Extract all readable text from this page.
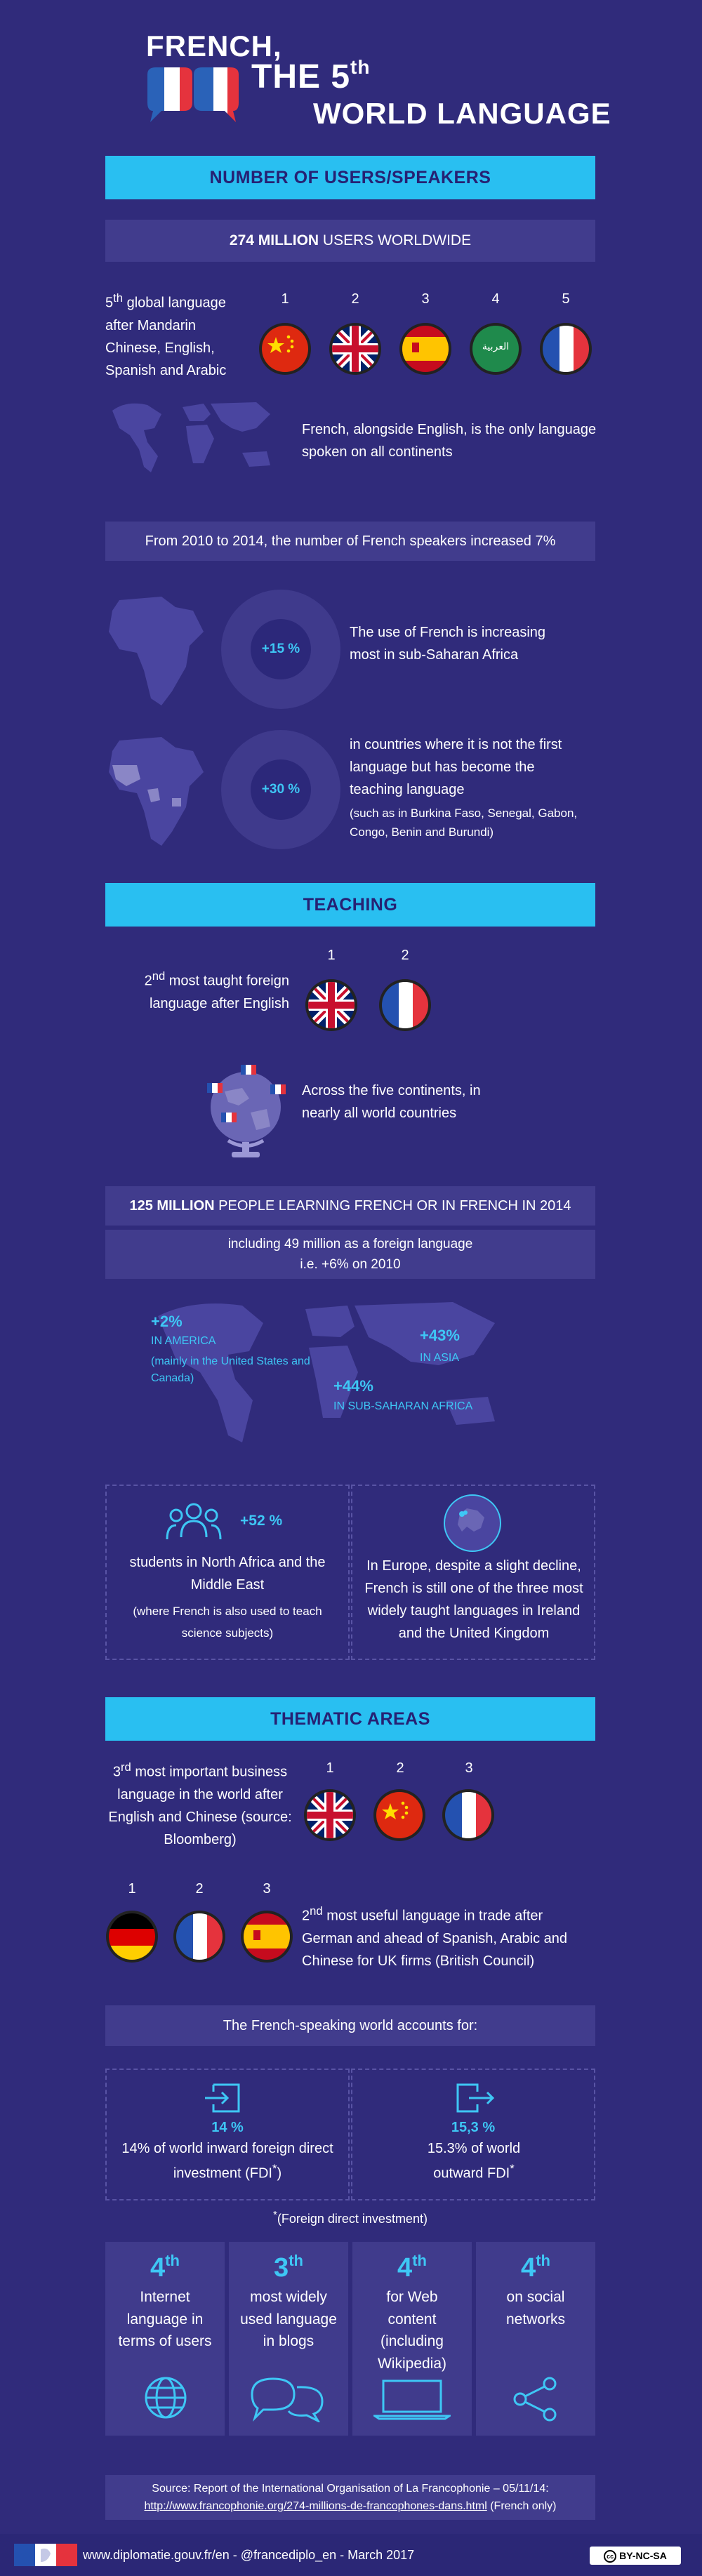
FRENCH,
THE 5th
WORLD LANGUAGE
NUMBER OF USERS/SPEAKERS
274 MILLION USERS WORLDWIDE
5th global language after Mandarin Chinese, English, Spanish and Arabic
1	2	3	4	5
العربية
French, alongside English, is the only language spoken on all continents
From 2010 to 2014, the number of French speakers increased 7%
+15 %
The use of French is increasing most in sub-Saharan Africa
+30 %
in countries where it is not the first language but has become the teaching language
(such as in Burkina Faso, Senegal, Gabon, Congo, Benin and Burundi)
TEACHING
2nd most taught foreign language after English
1	2
Across the five continents, in nearly all world countries
125 MILLION PEOPLE LEARNING FRENCH OR IN FRENCH IN 2014
including 49 million as a foreign language
i.e. +6% on 2010
+2%
IN AMERICA
(mainly in the United States and Canada)
+43%
IN ASIA
+44%
IN SUB-SAHARAN AFRICA
+52 %
students in North Africa and the Middle East
(where French is also used to teach science subjects)
In Europe, despite a slight decline, French is still one of the three most widely taught languages in Ireland and the United Kingdom
THEMATIC AREAS
3rd most important business language in the world after English and Chinese (source: Bloomberg)
1	2	3
1	2	3
2nd most useful language in trade after German and ahead of Spanish, Arabic and Chinese for UK firms (British Council)
The French-speaking world accounts for:
14 %
14% of world inward foreign direct investment (FDI*)
15,3 %
15.3% of world outward FDI*
*(Foreign direct investment)
4th
Internet language in terms of users
3th
most widely used language in blogs
4th
for Web content (including Wikipedia)
4th
on social networks
Source: Report of the International Organisation of La Francophonie – 05/11/14:
http://www.francophonie.org/274-millions-de-francophones-dans.html (French only)
www.diplomatie.gouv.fr/en - @francediplo_en - March 2017	cc BY-NC-SA
